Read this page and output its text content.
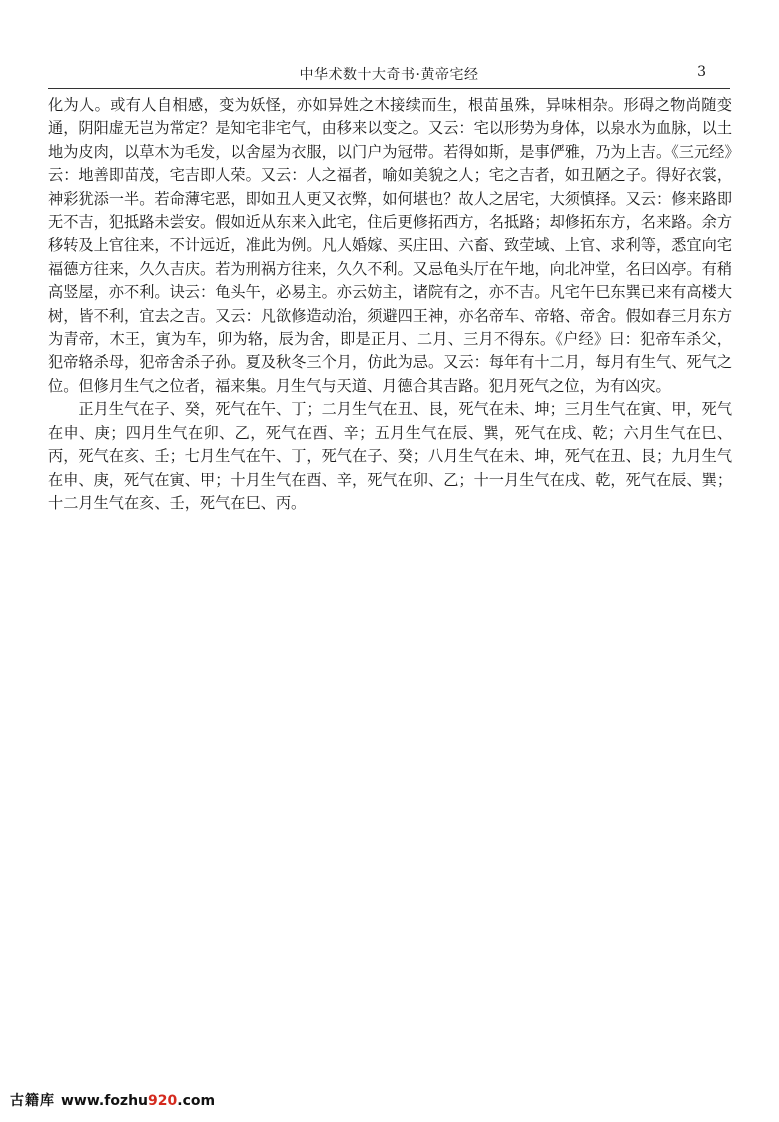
中华术数十大奇书·黄帝宅经	3

化为人。或有人自相感，变为妖怪，亦如异姓之木接续而生，根苗虽殊，异味相杂。形碍之物尚随变通，阴阳虚无岂为常定？是知宅非宅气，由移来以变之。又云：宅以形势为身体，以泉水为血脉，以土地为皮肉，以草木为毛发，以舍屋为衣服，以门户为冠带。若得如斯，是事俨雅，乃为上吉。《三元经》云：地善即苗茂，宅吉即人荣。又云：人之福者，喻如美貌之人；宅之吉者，如丑陋之子。得好衣裳，神彩犹添一半。若命薄宅恶，即如丑人更又衣弊，如何堪也？故人之居宅，大须慎择。又云：修来路即无不吉，犯抵路未尝安。假如近从东来入此宅，住后更修拓西方，名抵路；却修拓东方，名来路。余方移转及上官往来，不计远近，准此为例。凡人婚嫁、买庄田、六畜、致茔域、上官、求利等，悉宜向宅福德方往来，久久吉庆。若为刑祸方往来，久久不利。又忌龟头厅在午地，向北冲堂，名曰凶亭。有稍高竖屋，亦不利。诀云：龟头午，必易主。亦云妨主，诸院有之，亦不吉。凡宅午巳东巽已来有高楼大树，皆不利，宜去之吉。又云：凡欲修造动治，须避四王神，亦名帝车、帝辂、帝舍。假如春三月东方为青帝，木王，寅为车，卯为辂，辰为舍，即是正月、二月、三月不得东。《户经》曰：犯帝车杀父，犯帝辂杀母，犯帝舍杀子孙。夏及秋冬三个月，仿此为忌。又云：每年有十二月，每月有生气、死气之位。但修月生气之位者，福来集。月生气与天道、月德合其吉路。犯月死气之位，为有凶灾。

正月生气在子、癸，死气在午、丁；二月生气在丑、艮，死气在未、坤；三月生气在寅、甲，死气在申、庚；四月生气在卯、乙，死气在酉、辛；五月生气在辰、巽，死气在戌、乾；六月生气在巳、丙，死气在亥、壬；七月生气在午、丁，死气在子、癸；八月生气在未、坤，死气在丑、艮；九月生气在申、庚，死气在寅、甲；十月生气在酉、辛，死气在卯、乙；十一月生气在戌、乾，死气在辰、巽；十二月生气在亥、壬，死气在巳、丙。

古籍库 www.fozhu920.com
